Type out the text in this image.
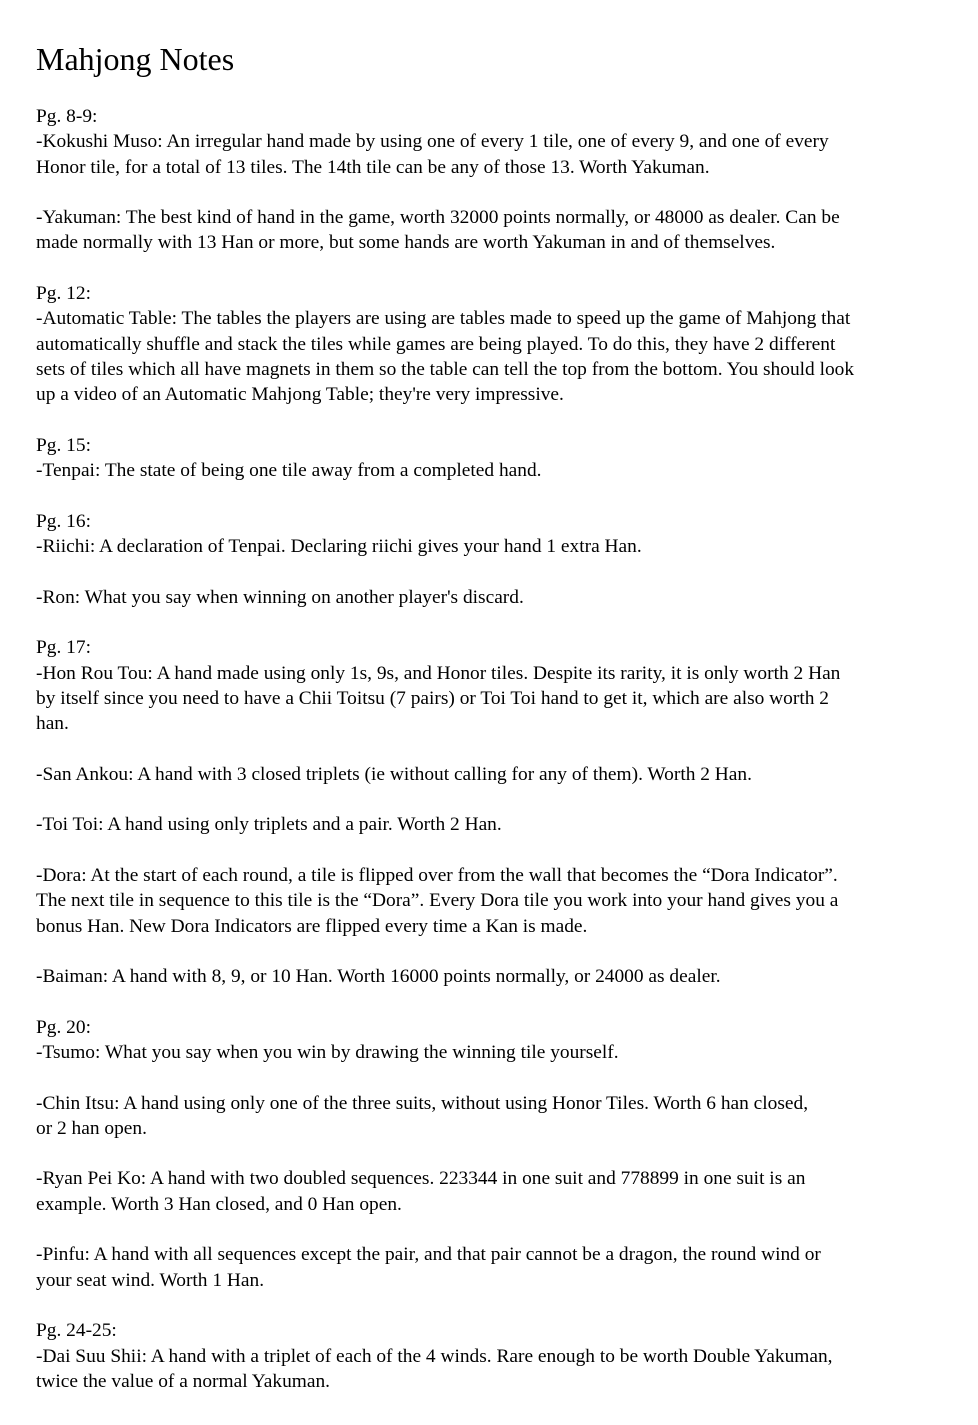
Mahjong Notes
Pg. 8-9:
-Kokushi Muso: An irregular hand made by using one of every 1 tile, one of every 9, and one of every
Honor tile, for a total of 13 tiles. The 14th tile can be any of those 13. Worth Yakuman.
-Yakuman: The best kind of hand in the game, worth 32000 points normally, or 48000 as dealer. Can be
made normally with 13 Han or more, but some hands are worth Yakuman in and of themselves.
Pg. 12:
-Automatic Table: The tables the players are using are tables made to speed up the game of Mahjong that
automatically shuffle and stack the tiles while games are being played. To do this, they have 2 different
sets of tiles which all have magnets in them so the table can tell the top from the bottom. You should look
up a video of an Automatic Mahjong Table; they're very impressive.
Pg. 15:
-Tenpai: The state of being one tile away from a completed hand.
Pg. 16:
-Riichi: A declaration of Tenpai. Declaring riichi gives your hand 1 extra Han.
-Ron: What you say when winning on another player's discard.
Pg. 17:
-Hon Rou Tou: A hand made using only 1s, 9s, and Honor tiles. Despite its rarity, it is only worth 2 Han
by itself since you need to have a Chii Toitsu (7 pairs) or Toi Toi hand to get it, which are also worth 2
han.
-San Ankou: A hand with 3 closed triplets (ie without calling for any of them). Worth 2 Han.
-Toi Toi: A hand using only triplets and a pair. Worth 2 Han.
-Dora: At the start of each round, a tile is flipped over from the wall that becomes the “Dora Indicator”.
The next tile in sequence to this tile is the “Dora”. Every Dora tile you work into your hand gives you a
bonus Han. New Dora Indicators are flipped every time a Kan is made.
-Baiman: A hand with 8, 9, or 10 Han. Worth 16000 points normally, or 24000 as dealer.
Pg. 20:
-Tsumo: What you say when you win by drawing the winning tile yourself.
-Chin Itsu: A hand using only one of the three suits, without using Honor Tiles. Worth 6 han closed,
or 2 han open.
-Ryan Pei Ko: A hand with two doubled sequences. 223344 in one suit and 778899 in one suit is an
example. Worth 3 Han closed, and 0 Han open.
-Pinfu: A hand with all sequences except the pair, and that pair cannot be a dragon, the round wind or
your seat wind. Worth 1 Han.
Pg. 24-25:
-Dai Suu Shii: A hand with a triplet of each of the 4 winds. Rare enough to be worth Double Yakuman,
twice the value of a normal Yakuman.
